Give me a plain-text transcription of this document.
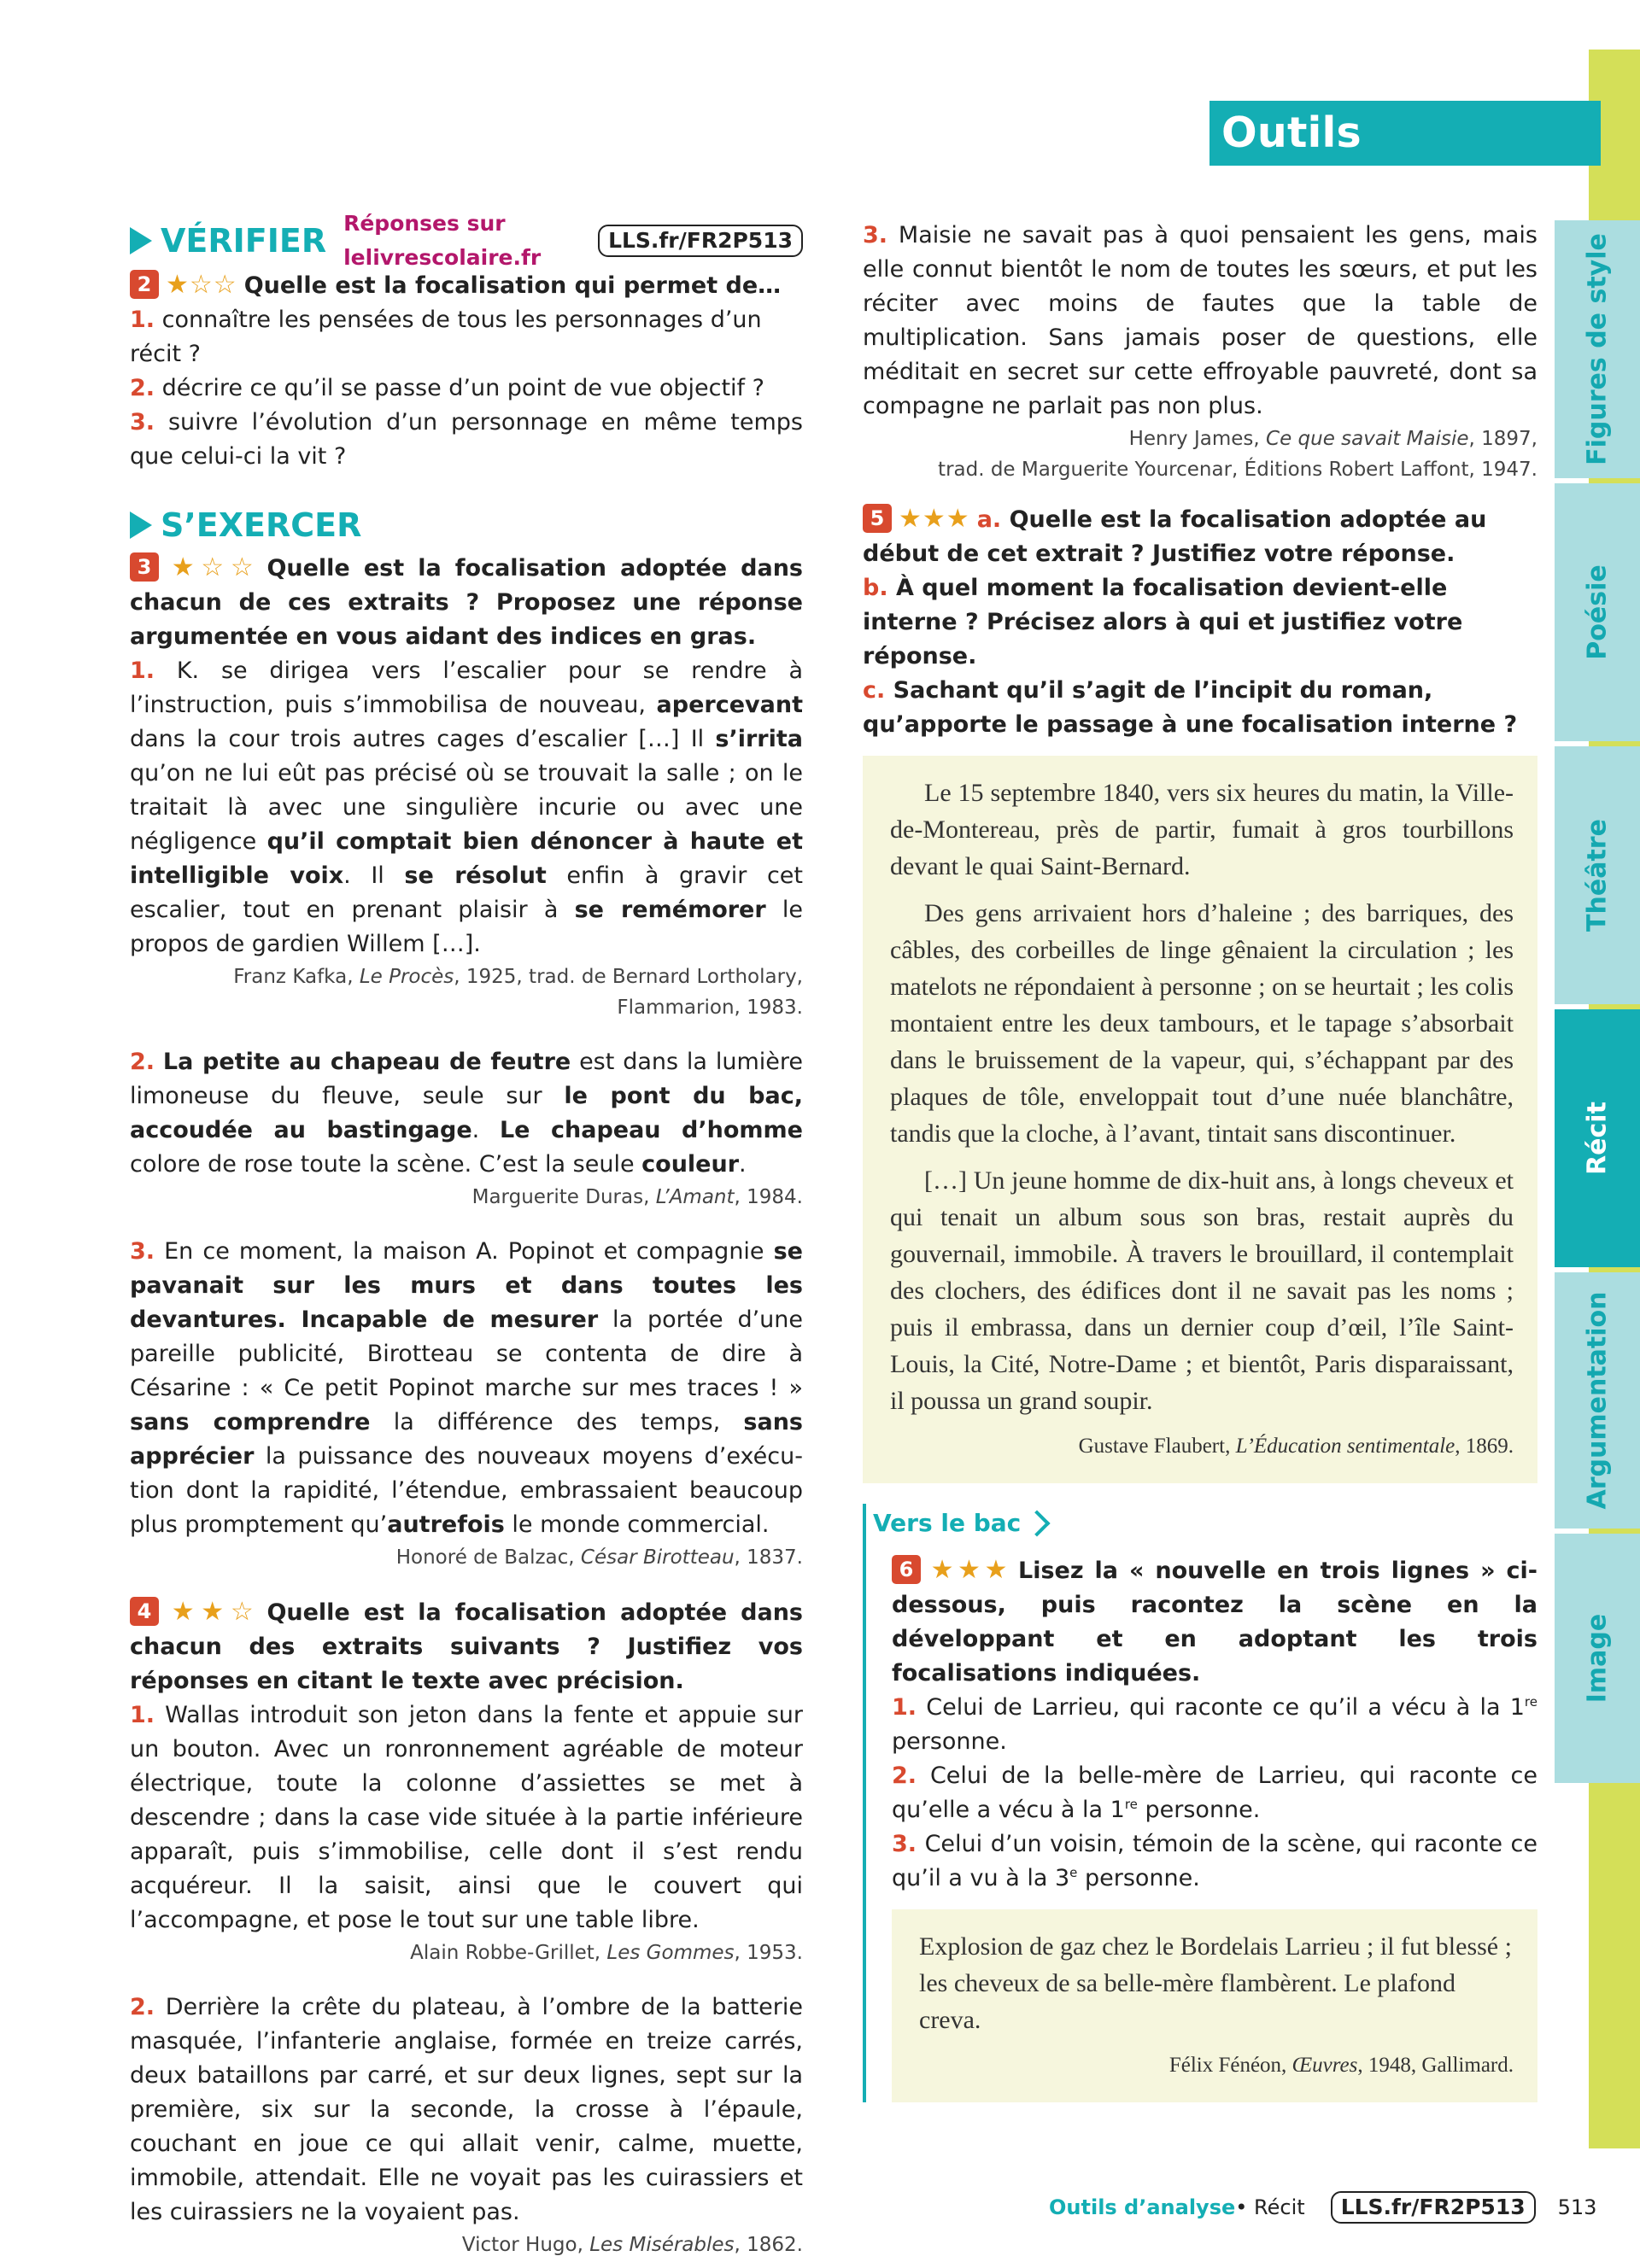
Figures de style
Poésie
Théâtre
Récit
Argumentation
Image
Outils d’analyse
VÉRIFIER Réponses sur lelivrescolaire.fr
LLS.fr/FR2P513

2 ★☆☆ Quelle est la focalisation qui permet de…

1. connaître les pensées de tous les personnages d’un récit ?

2. décrire ce qu’il se passe d’un point de vue objectif ?

3. suivre l’évolution d’un personnage en même temps que celui-ci la vit ?

S’EXERCER

3 ★☆☆ Quelle est la focalisation adoptée dans chacun de ces extraits ? Proposez une réponse argumentée en vous aidant des indices en gras.

1. K. se dirigea vers l’escalier pour se rendre à l’instruction, puis s’immobilisa de nouveau, apercevant dans la cour trois autres cages d’escalier […] Il s’irrita qu’on ne lui eût pas précisé où se trouvait la salle ; on le traitait là avec une singulière incurie ou avec une négligence qu’il comptait bien dénoncer à haute et intelligible voix. Il se résolut enfin à gravir cet escalier, tout en prenant plaisir à se remémorer le propos de gardien Willem […].

Franz Kafka, Le Procès, 1925, trad. de Bernard Lortholary,
Flammarion, 1983.

2. La petite au chapeau de feutre est dans la lumière limoneuse du fleuve, seule sur le pont du bac, accoudée au bastingage. Le chapeau d’homme colore de rose toute la scène. C’est la seule couleur.

Marguerite Duras, L’Amant, 1984.

3. En ce moment, la maison A. Popinot et compagnie se pavanait sur les murs et dans toutes les devantures. Incapable de mesurer la portée d’une pareille publicité, Birotteau se contenta de dire à Césarine : « Ce petit Popinot marche sur mes traces ! » sans comprendre la différence des temps, sans apprécier la puissance des nouveaux moyens d’exécution dont la rapidité, l’étendue, embrassaient beaucoup plus promptement qu’autrefois le monde commercial.

Honoré de Balzac, César Birotteau, 1837.

4 ★★☆ Quelle est la focalisation adoptée dans chacun des extraits suivants ? Justifiez vos réponses en citant le texte avec précision.

1. Wallas introduit son jeton dans la fente et appuie sur un bouton. Avec un ronronnement agréable de moteur électrique, toute la colonne d’assiettes se met à descendre ; dans la case vide située à la partie inférieure apparaît, puis s’immobilise, celle dont il s’est rendu acquéreur. Il la saisit, ainsi que le couvert qui l’accompagne, et pose le tout sur une table libre.

Alain Robbe-Grillet, Les Gommes, 1953.

2. Derrière la crête du plateau, à l’ombre de la batterie masquée, l’infanterie anglaise, formée en treize carrés, deux bataillons par carré, et sur deux lignes, sept sur la première, six sur la seconde, la crosse à l’épaule, couchant en joue ce qui allait venir, calme, muette, immobile, attendait. Elle ne voyait pas les cuirassiers et les cuirassiers ne la voyaient pas.

Victor Hugo, Les Misérables, 1862.

3. Maisie ne savait pas à quoi pensaient les gens, mais elle connut bientôt le nom de toutes les sœurs, et put les réciter avec moins de fautes que la table de multiplication. Sans jamais poser de questions, elle méditait en secret sur cette effroyable pauvreté, dont sa compagne ne parlait pas non plus.

Henry James, Ce que savait Maisie, 1897,
trad. de Marguerite Yourcenar, Éditions Robert Laffont, 1947.

5 ★★★ a. Quelle est la focalisation adoptée au début de cet extrait ? Justifiez votre réponse.

b. À quel moment la focalisation devient-elle interne ? Précisez alors à qui et justifiez votre réponse.

c. Sachant qu’il s’agit de l’incipit du roman, qu’apporte le passage à une focalisation interne ?

Le 15 septembre 1840, vers six heures du matin, la Ville-de-Montereau, près de partir, fumait à gros tourbillons devant le quai Saint-Bernard.

Des gens arrivaient hors d’haleine ; des barriques, des câbles, des corbeilles de linge gênaient la circulation ; les matelots ne répondaient à personne ; on se heurtait ; les colis montaient entre les deux tambours, et le tapage s’absorbait dans le bruissement de la vapeur, qui, s’échappant par des plaques de tôle, enveloppait tout d’une nuée blanchâtre, tandis que la cloche, à l’avant, tintait sans discontinuer.

[…] Un jeune homme de dix-huit ans, à longs cheveux et qui tenait un album sous son bras, restait auprès du gouvernail, immobile. À travers le brouillard, il contemplait des clochers, des édifices dont il ne savait pas les noms ; puis il embrassa, dans un dernier coup d’œil, l’île Saint-Louis, la Cité, Notre-Dame ; et bientôt, Paris disparaissant, il poussa un grand soupir.

Gustave Flaubert, L’Éducation sentimentale, 1869.

Vers le bac

6 ★★★ Lisez la « nouvelle en trois lignes » ci-dessous, puis racontez la scène en la développant et en adoptant les trois focalisations indiquées.

1. Celui de Larrieu, qui raconte ce qu’il a vécu à la 1re personne.

2. Celui de la belle-mère de Larrieu, qui raconte ce qu’elle a vécu à la 1re personne.

3. Celui d’un voisin, témoin de la scène, qui raconte ce qu’il a vu à la 3e personne.

Explosion de gaz chez le Bordelais Larrieu ; il fut blessé ; les cheveux de sa belle-mère flambèrent. Le plafond creva.

Félix Fénéon, Œuvres, 1948, Gallimard.

Outils d’analyse • Récit	LLS.fr/FR2P513	513
